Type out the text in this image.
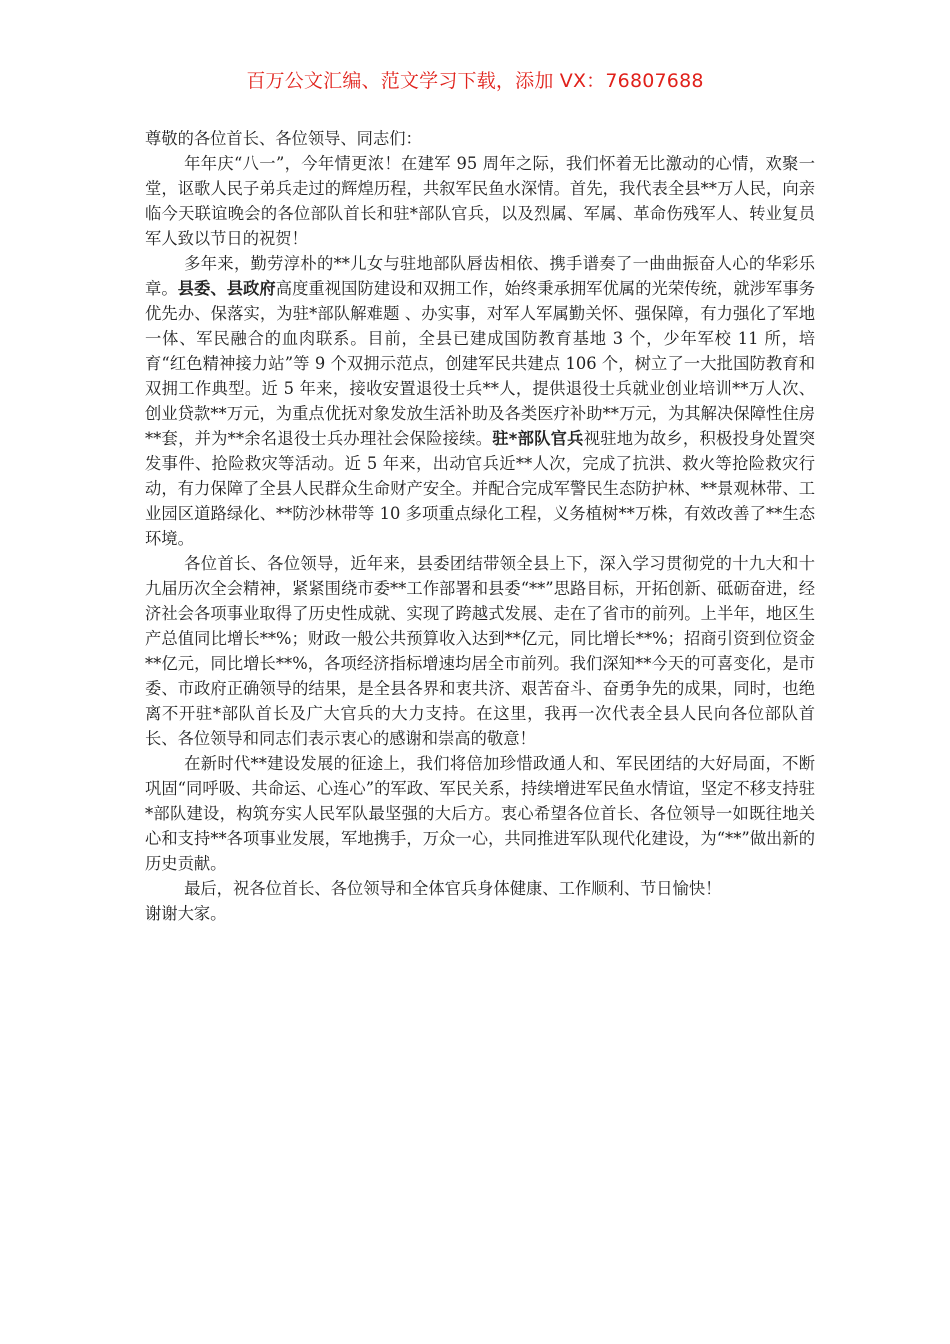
百万公文汇编、范文学习下载，添加 VX：76807688

尊敬的各位首长、各位领导、同志们：

年年庆“八一”，今年情更浓！在建军 95 周年之际，我们怀着无比激动的心情，欢聚一堂，讴歌人民子弟兵走过的辉煌历程，共叙军民鱼水深情。首先，我代表全县**万人民，向亲临今天联谊晚会的各位部队首长和驻*部队官兵，以及烈属、军属、革命伤残军人、转业复员军人致以节日的祝贺！

多年来，勤劳淳朴的**儿女与驻地部队唇齿相依、携手谱奏了一曲曲振奋人心的华彩乐章。县委、县政府高度重视国防建设和双拥工作，始终秉承拥军优属的光荣传统，就涉军事务优先办、保落实，为驻*部队解难题 、办实事，对军人军属勤关怀、强保障，有力强化了军地一体、军民融合的血肉联系。目前，全县已建成国防教育基地 3 个，少年军校 11 所，培育“红色精神接力站”等 9 个双拥示范点，创建军民共建点 106 个，树立了一大批国防教育和双拥工作典型。近 5 年来，接收安置退役士兵**人，提供退役士兵就业创业培训**万人次、创业贷款**万元，为重点优抚对象发放生活补助及各类医疗补助**万元，为其解决保障性住房**套，并为**余名退役士兵办理社会保险接续。驻*部队官兵视驻地为故乡，积极投身处置突发事件、抢险救灾等活动。近 5 年来，出动官兵近**人次，完成了抗洪、救火等抢险救灾行动，有力保障了全县人民群众生命财产安全。并配合完成军警民生态防护林、**景观林带、工业园区道路绿化、**防沙林带等 10 多项重点绿化工程，义务植树**万株，有效改善了**生态环境。

各位首长、各位领导，近年来，县委团结带领全县上下，深入学习贯彻党的十九大和十九届历次全会精神，紧紧围绕市委**工作部署和县委“**”思路目标，开拓创新、砥砺奋进，经济社会各项事业取得了历史性成就、实现了跨越式发展、走在了省市的前列。上半年，地区生产总值同比增长**%；财政一般公共预算收入达到**亿元，同比增长**%；招商引资到位资金**亿元，同比增长**%，各项经济指标增速均居全市前列。我们深知**今天的可喜变化，是市委、市政府正确领导的结果，是全县各界和衷共济、艰苦奋斗、奋勇争先的成果，同时，也绝离不开驻*部队首长及广大官兵的大力支持。在这里，我再一次代表全县人民向各位部队首长、各位领导和同志们表示衷心的感谢和崇高的敬意！

在新时代**建设发展的征途上，我们将倍加珍惜政通人和、军民团结的大好局面，不断巩固“同呼吸、共命运、心连心”的军政、军民关系，持续增进军民鱼水情谊，坚定不移支持驻*部队建设，构筑夯实人民军队最坚强的大后方。衷心希望各位首长、各位领导一如既往地关心和支持**各项事业发展，军地携手，万众一心，共同推进军队现代化建设，为“**”做出新的历史贡献。

最后，祝各位首长、各位领导和全体官兵身体健康、工作顺利、节日愉快！

谢谢大家。
